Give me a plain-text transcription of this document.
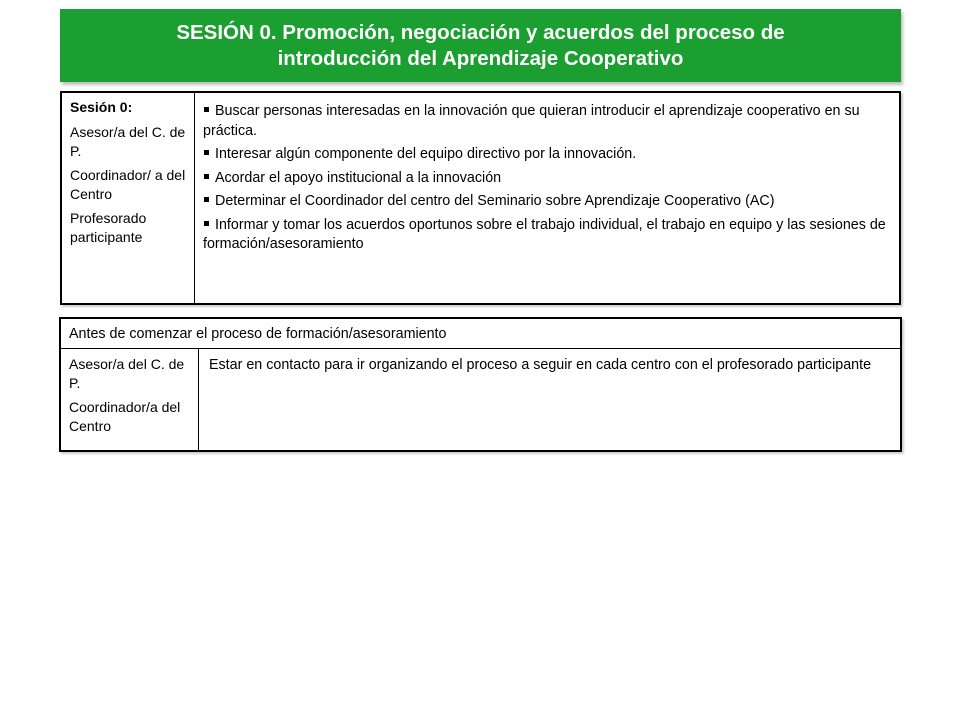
SESIÓN 0. Promoción, negociación y acuerdos del proceso de
introducción del Aprendizaje Cooperativo
Sesión 0:
Asesor/a del C. de P.
Coordinador/ a del Centro
Profesorado participante
Buscar personas interesadas en la innovación que quieran introducir el aprendizaje cooperativo en su práctica.
Interesar algún componente del equipo directivo por la innovación.
Acordar el apoyo institucional a la innovación
Determinar el Coordinador del centro del Seminario sobre Aprendizaje Cooperativo (AC)
Informar y tomar los acuerdos oportunos sobre el trabajo individual, el trabajo en equipo y las sesiones de formación/asesoramiento
Antes de comenzar el proceso de formación/asesoramiento
Asesor/a del C. de P.
Coordinador/a del Centro
Estar en contacto para ir organizando el proceso a seguir en cada centro con el profesorado participante
